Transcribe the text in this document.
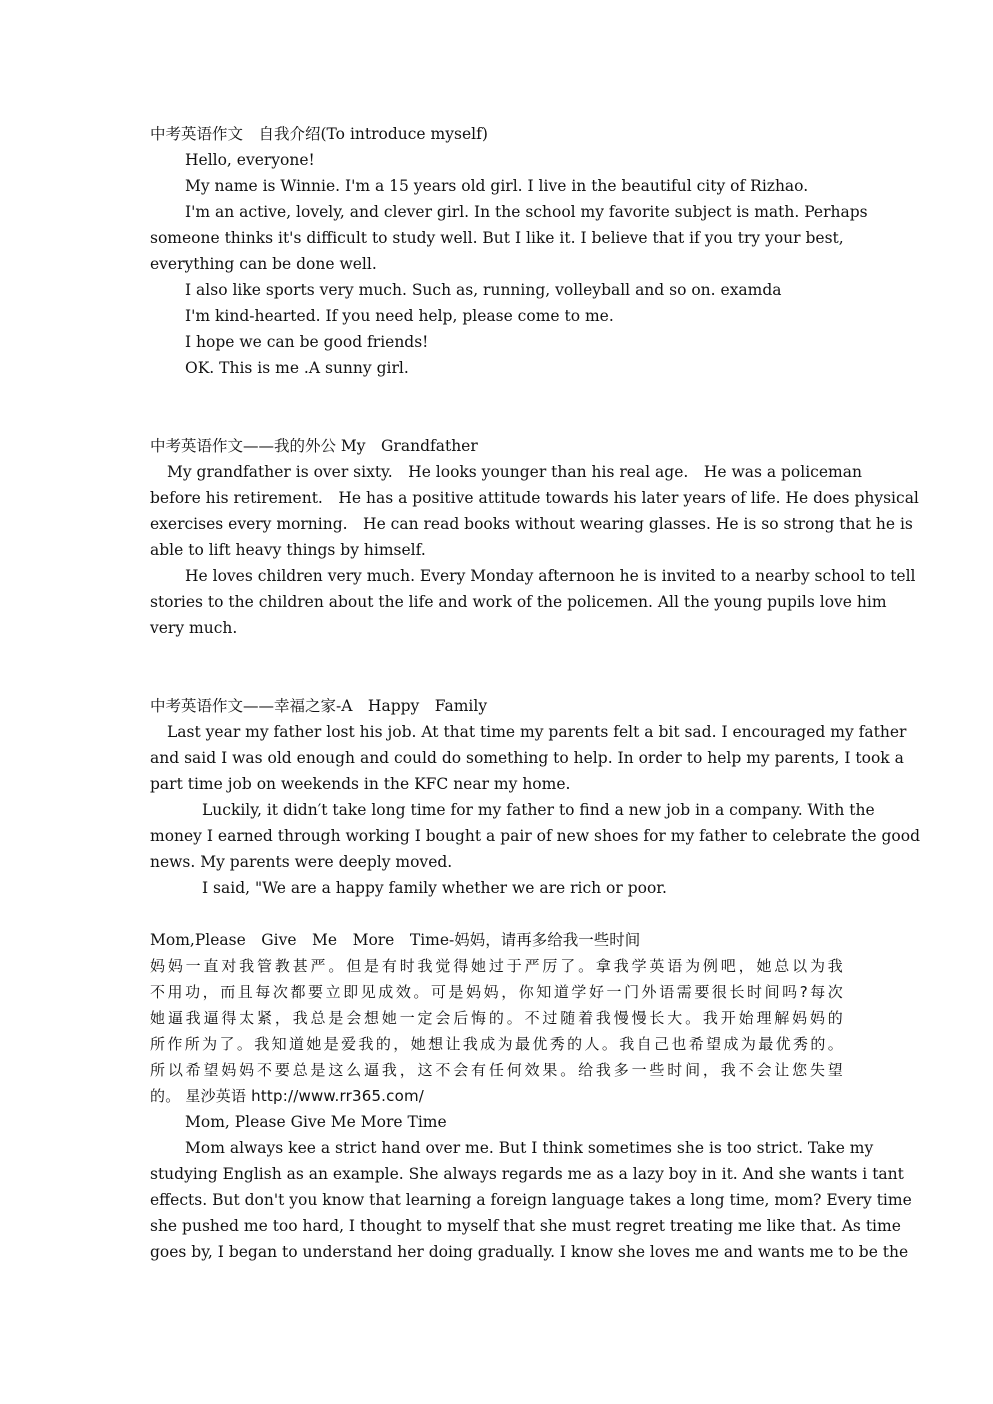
中考英语作文　自我介绍(To introduce myself)
Hello, everyone!
My name is Winnie. I'm a 15 years old girl. I live in the beautiful city of Rizhao.
I'm an active, lovely, and clever girl. In the school my favorite subject is math. Perhaps
someone thinks it's difficult to study well. But I like it. I believe that if you try your best,
everything can be done well.
I also like sports very much. Such as, running, volleyball and so on. examda
I'm kind-hearted. If you need help, please come to me.
I hope we can be good friends!
OK. This is me .A sunny girl.
中考英语作文——我的外公 My　Grandfather
My grandfather is over sixty.　He looks younger than his real age.　He was a policeman
before his retirement.　He has a positive attitude towards his later years of life. He does physical
exercises every morning.　He can read books without wearing glasses. He is so strong that he is
able to lift heavy things by himself.
He loves children very much. Every Monday afternoon he is invited to a nearby school to tell
stories to the children about the life and work of the policemen. All the young pupils love him
very much.
中考英语作文——幸福之家-A　Happy　Family
Last year my father lost his job. At that time my parents felt a bit sad. I encouraged my father
and said I was old enough and could do something to help. In order to help my parents, I took a
part time job on weekends in the KFC near my home.
Luckily, it didn′t take long time for my father to find a new job in a company. With the
money I earned through working I bought a pair of new shoes for my father to celebrate the good
news. My parents were deeply moved.
I said, "We are a happy family whether we are rich or poor.
Mom,Please　Give　Me　More　Time-妈妈，请再多给我一些时间
妈妈一直对我管教甚严。但是有时我觉得她过于严厉了。拿我学英语为例吧，她总以为我
不用功，而且每次都要立即见成效。可是妈妈，你知道学好一门外语需要很长时间吗?每次
她逼我逼得太紧，我总是会想她一定会后悔的。不过随着我慢慢长大。我开始理解妈妈的
所作所为了。我知道她是爱我的，她想让我成为最优秀的人。我自己也希望成为最优秀的。
所以希望妈妈不要总是这么逼我，这不会有任何效果。给我多一些时间，我不会让您失望
的。 星沙英语 http://www.rr365.com/
Mom, Please Give Me More Time
Mom always kee a strict hand over me. But I think sometimes she is too strict. Take my
studying English as an example. She always regards me as a lazy boy in it. And she wants i tant
effects. But don't you know that learning a foreign language takes a long time, mom? Every time
she pushed me too hard, I thought to myself that she must regret treating me like that. As time
goes by, I began to understand her doing gradually. I know she loves me and wants me to be the
